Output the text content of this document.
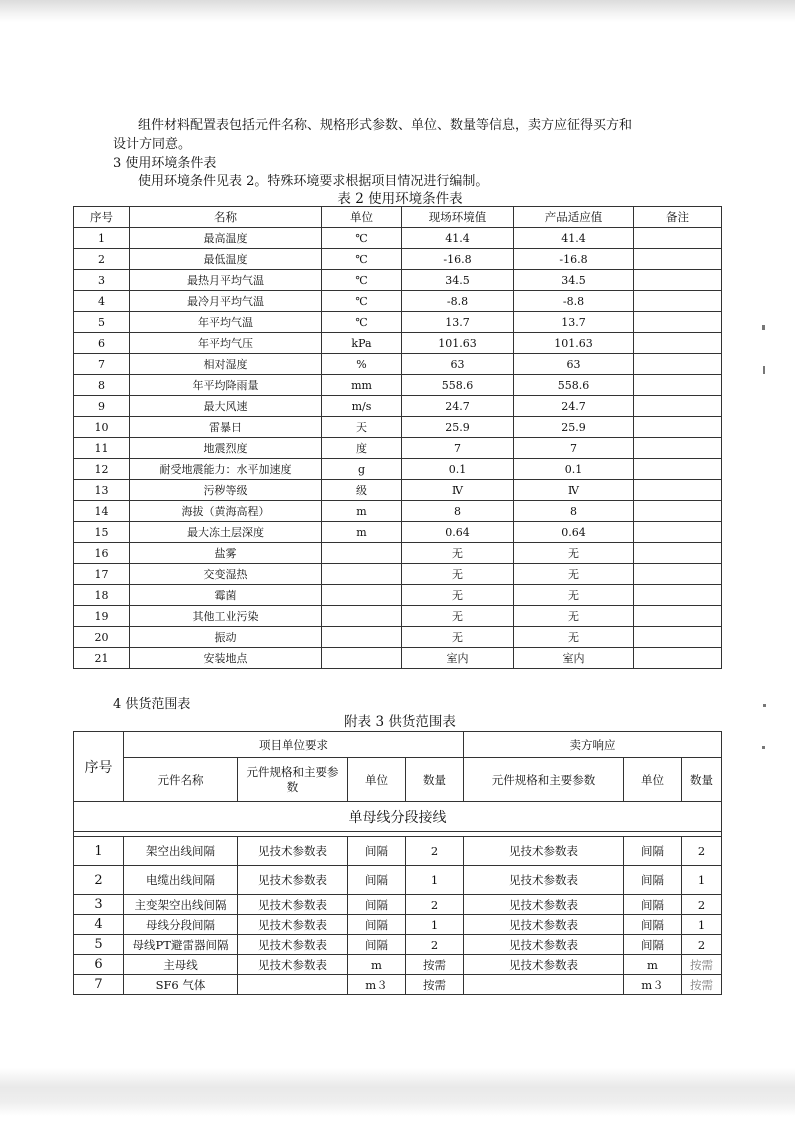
组件材料配置表包括元件名称、规格形式参数、单位、数量等信息，卖方应征得买方和
设计方同意。
3 使用环境条件表
使用环境条件见表 2。特殊环境要求根据项目情况进行编制。
表 2 使用环境条件表
序号	名称	单位	现场环境值	产品适应值	备注
1	最高温度	℃	41.4	41.4	
2	最低温度	℃	-16.8	-16.8	
3	最热月平均气温	℃	34.5	34.5	
4	最冷月平均气温	℃	-8.8	-8.8	
5	年平均气温	℃	13.7	13.7	
6	年平均气压	kPa	101.63	101.63	
7	相对湿度	%	63	63	
8	年平均降雨量	mm	558.6	558.6	
9	最大风速	m/s	24.7	24.7	
10	雷暴日	天	25.9	25.9	
11	地震烈度	度	7	7	
12	耐受地震能力：水平加速度	g	0.1	0.1	
13	污秽等级	级	Ⅳ	Ⅳ	
14	海拔（黄海高程）	m	8	8	
15	最大冻土层深度	m	0.64	0.64	
16	盐雾		无	无	
17	交变湿热		无	无	
18	霉菌		无	无	
19	其他工业污染		无	无	
20	振动		无	无	
21	安装地点		室内	室内	
4 供货范围表
附表 3 供货范围表
序号	项目单位要求				卖方响应		
	元件名称	元件规格和主要参数	单位	数量	元件规格和主要参数	单位	数量
单母线分段接线							

1	架空出线间隔	见技术参数表	间隔	2	见技术参数表	间隔	2
2	电缆出线间隔	见技术参数表	间隔	1	见技术参数表	间隔	1
3	主变架空出线间隔	见技术参数表	间隔	2	见技术参数表	间隔	2
4	母线分段间隔	见技术参数表	间隔	1	见技术参数表	间隔	1
5	母线PT避雷器间隔	见技术参数表	间隔	2	见技术参数表	间隔	2
6	主母线	见技术参数表	m	按需	见技术参数表	m	按需
7	SF6 气体		m３	按需		m３	按需
